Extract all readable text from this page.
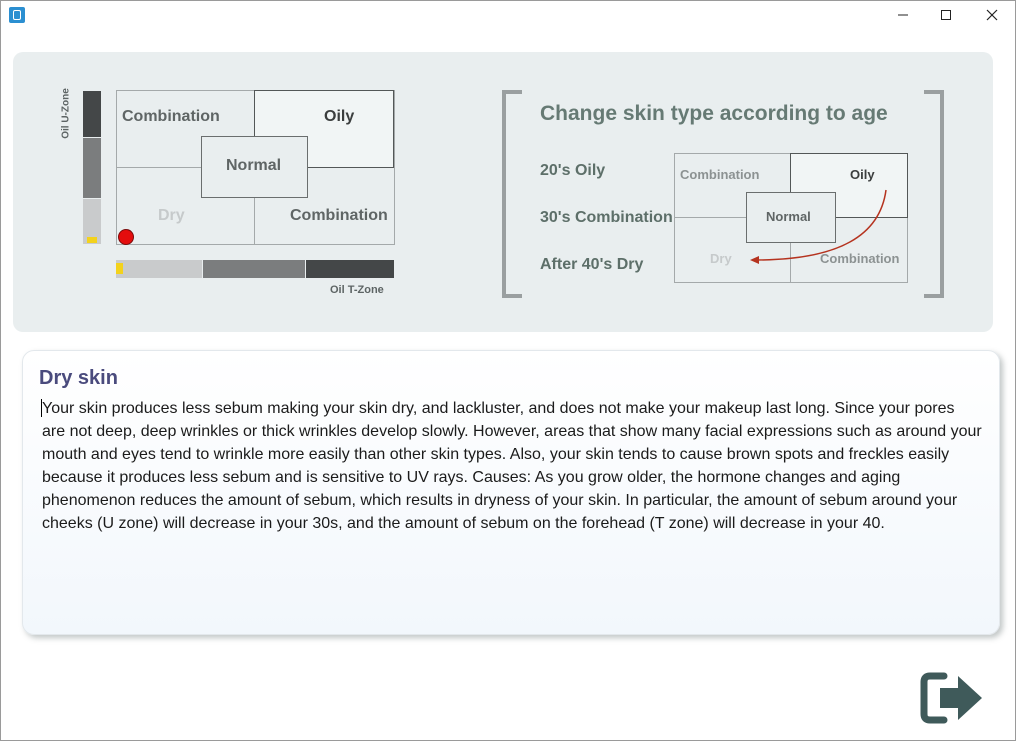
Oil U-Zone	Combination	Oily
Normal
Dry	Combination
Oil T-Zone
Change skin type according to age
20's Oily
30's Combination
After 40's Dry
Combination	Oily
Normal
Dry	Combination
Dry skin
Your skin produces less sebum making your skin dry, and lackluster, and does not make your makeup last long. Since your pores are not deep, deep wrinkles or thick wrinkles develop slowly. However, areas that show many facial expressions such as around your mouth and eyes tend to wrinkle more easily than other skin types. Also, your skin tends to cause brown spots and freckles easily because it produces less sebum and is sensitive to UV rays. Causes: As you grow older, the hormone changes and aging phenomenon reduces the amount of sebum, which results in dryness of your skin. In particular, the amount of sebum around your cheeks (U zone) will decrease in your 30s, and the amount of sebum on the forehead (T zone) will decrease in your 40.
